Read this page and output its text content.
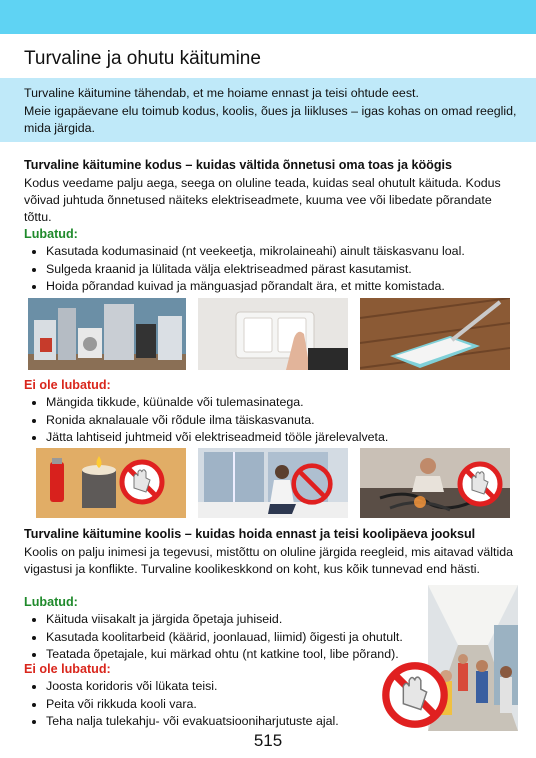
Turvaline ja ohutu käitumine

Turvaline käitumine tähendab, et me hoiame ennast ja teisi ohtude eest.

Meie igapäevane elu toimub kodus, koolis, õues ja liikluses – igas kohas on omad reeglid, mida järgida.

Turvaline käitumine kodus – kuidas vältida õnnetusi oma toas ja köögis

Kodus veedame palju aega, seega on oluline teada, kuidas seal ohutult käituda. Kodus võivad juhtuda õnnetused näiteks elektriseadmete, kuuma vee või libedate põrandate tõttu.

Lubatud:
• Kasutada kodumasinaid (nt veekeetja, mikrolaineahi) ainult täiskasvanu loal.
• Sulgeda kraanid ja lülitada välja elektriseadmed pärast kasutamist.
• Hoida põrandad kuivad ja mänguasjad põrandalt ära, et mitte komistada.
Ei ole lubatud:
• Mängida tikkude, küünalde või tulemasinatega.
• Ronida aknalauale või rõdule ilma täiskasvanuta.
• Jätta lahtiseid juhtmeid või elektriseadmeid tööle järelevalveta.
Turvaline käitumine koolis – kuidas hoida ennast ja teisi koolipäeva jooksul

Koolis on palju inimesi ja tegevusi, mistõttu on oluline järgida reegleid, mis aitavad vältida vigastusi ja konflikte. Turvaline koolikeskkond on koht, kus kõik tunnevad end hästi.

Lubatud:
• Käituda viisakalt ja järgida õpetaja juhiseid.
• Kasutada koolitarbeid (käärid, joonlauad, liimid) õigesti ja ohutult.
• Teatada õpetajale, kui märkad ohtu (nt katkine tool, libe põrand).
Ei ole lubatud:
• Joosta koridoris või lükata teisi.
• Peita või rikkuda kooli vara.
• Teha nalja tulekahju- või evakuatsiooniharjutuste ajal.
515
